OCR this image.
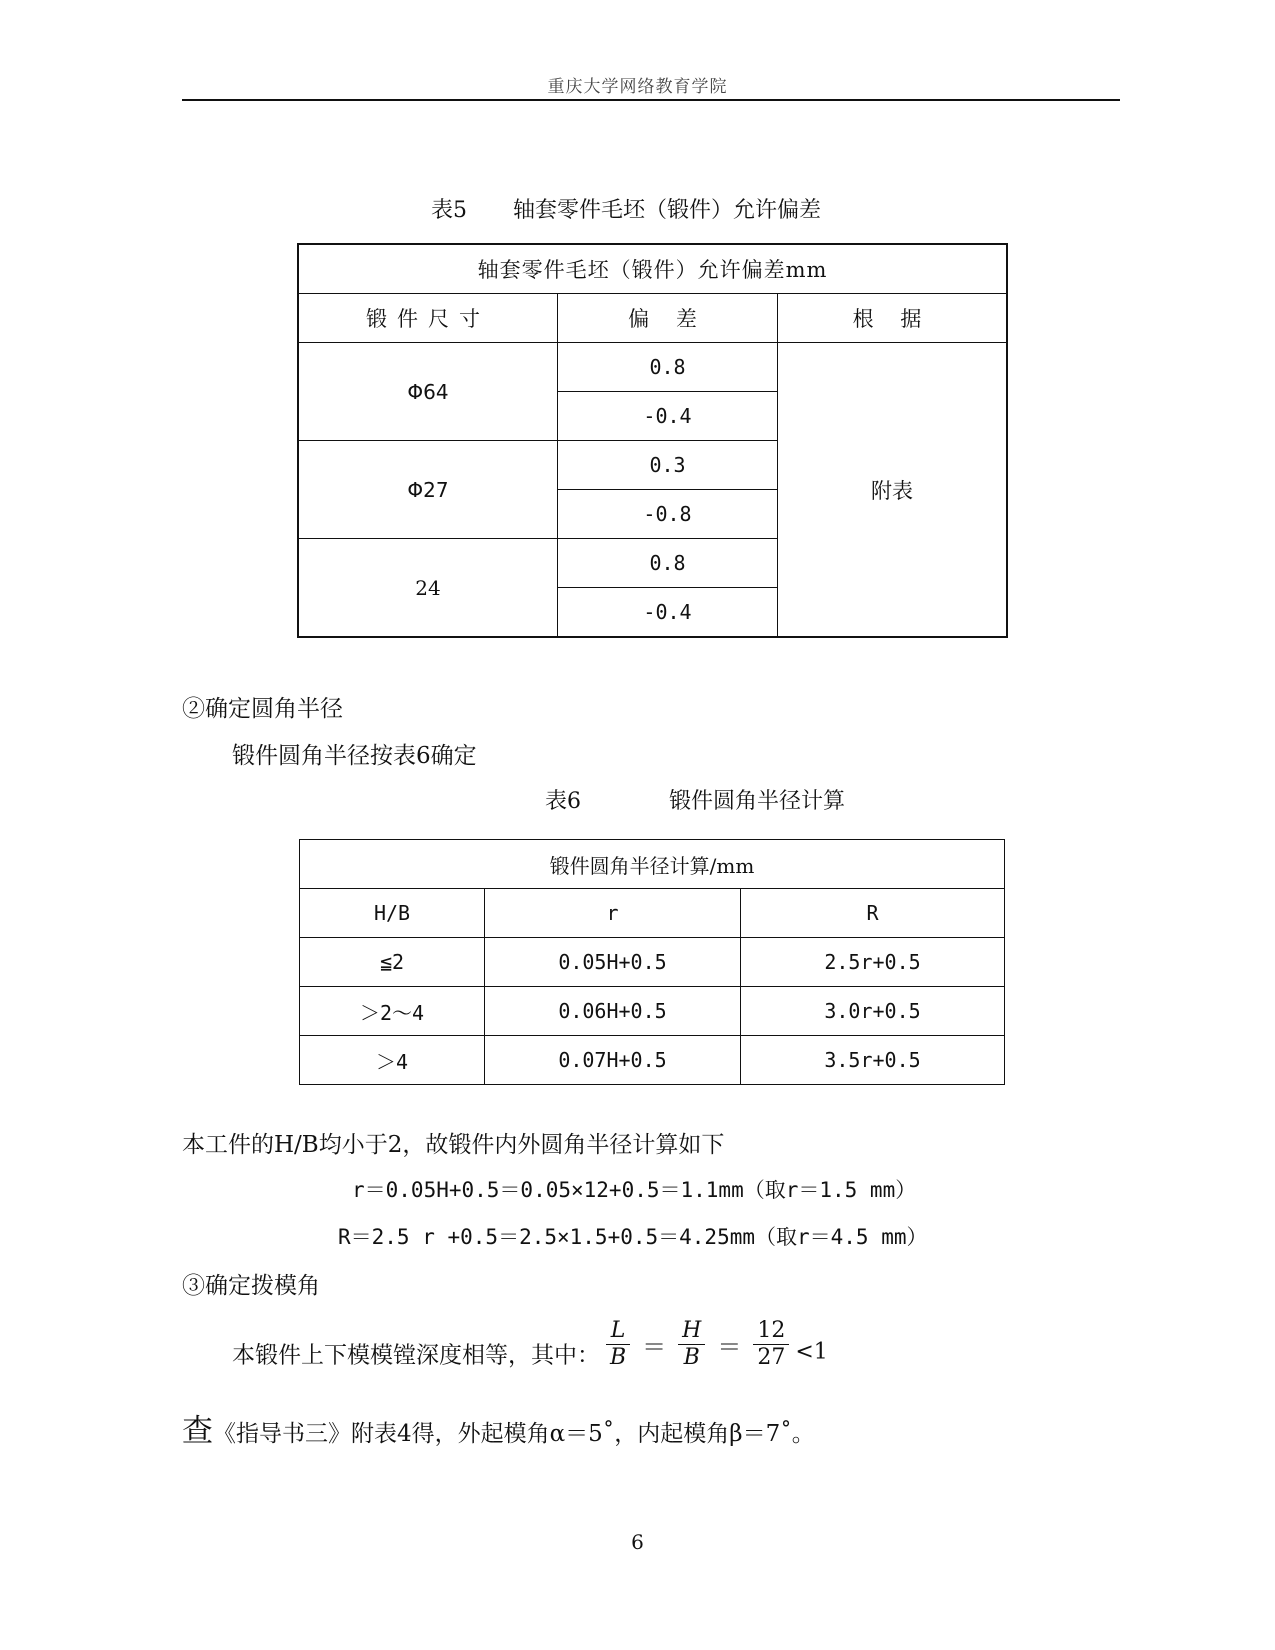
重庆大学网络教育学院
表5 轴套零件毛坯（锻件）允许偏差
轴套零件毛坯（锻件）允许偏差mm		
锻件尺寸	偏 差	根 据
Φ64	0.8	附表
	-0.4	
Φ27	0.3	
	-0.8	
24	0.8	
	-0.4	
②确定圆角半径
锻件圆角半径按表6确定
表6	锻件圆角半径计算
锻件圆角半径计算/mm		
H/B	r	R
≦2	0.05H+0.5	2.5r+0.5
＞2～4	0.06H+0.5	3.0r+0.5
＞4	0.07H+0.5	3.5r+0.5
本工件的H/B均小于2，故锻件内外圆角半径计算如下
r＝0.05H+0.5＝0.05×12+0.5＝1.1mm（取r＝1.5 mm）
R＝2.5 r +0.5＝2.5×1.5+0.5＝4.25mm（取r＝4.5 mm）
③确定拨模角
本锻件上下模模镗深度相等，其中： $\frac{L}{B} = \frac{H}{B} = \frac{12}{27} <1$
查《指导书三》附表4得，外起模角α＝5˚，内起模角β＝7˚。
6
